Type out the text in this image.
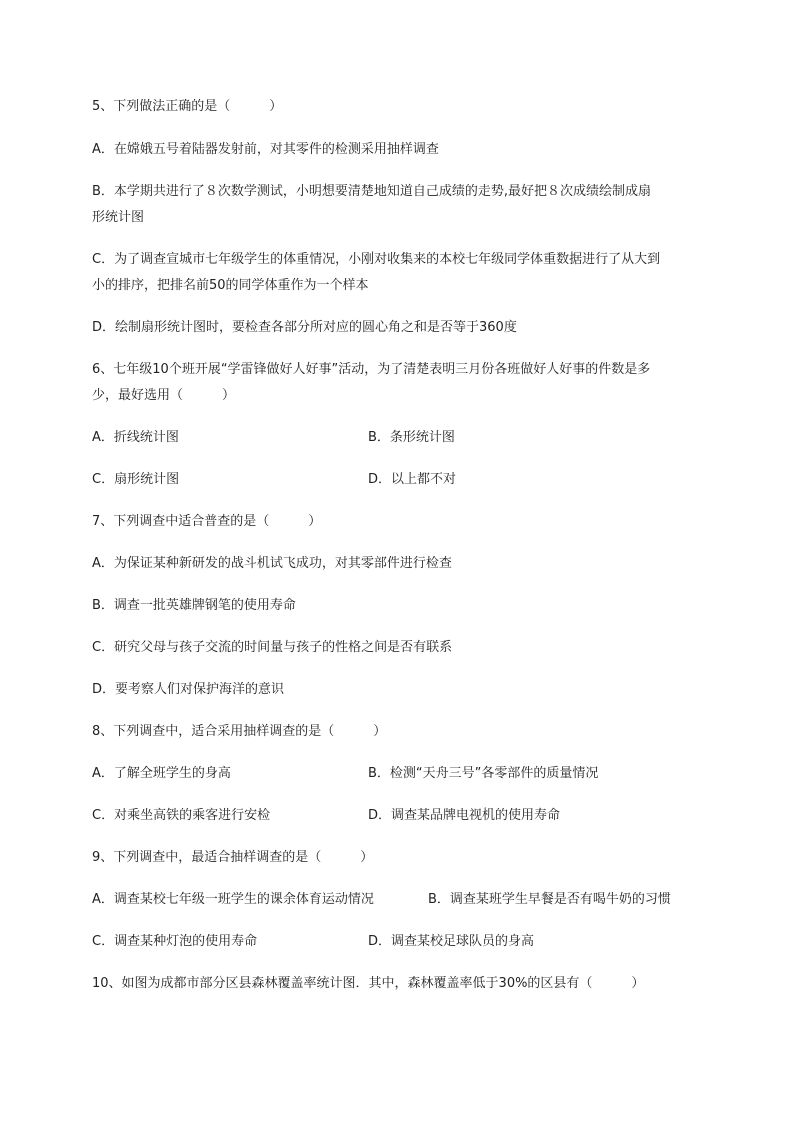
5、下列做法正确的是（　　　）
A．在嫦娥五号着陆器发射前，对其零件的检测采用抽样调查
B．本学期共进行了８次数学测试，小明想要清楚地知道自己成绩的走势,最好把８次成绩绘制成扇
形统计图
C．为了调查宣城市七年级学生的体重情况，小刚对收集来的本校七年级同学体重数据进行了从大到
小的排序，把排名前50的同学体重作为一个样本
D．绘制扇形统计图时，要检查各部分所对应的圆心角之和是否等于360度
6、七年级10个班开展“学雷锋做好人好事”活动，为了清楚表明三月份各班做好人好事的件数是多
少，最好选用（　　　）
A．折线统计图	B．条形统计图
C．扇形统计图	D．以上都不对
7、下列调查中适合普查的是（　　　）
A．为保证某种新研发的战斗机试飞成功，对其零部件进行检查
B．调查一批英雄牌钢笔的使用寿命
C．研究父母与孩子交流的时间量与孩子的性格之间是否有联系
D．要考察人们对保护海洋的意识
8、下列调查中，适合采用抽样调查的是（　　　）
A．了解全班学生的身高	B．检测“天舟三号”各零部件的质量情况
C．对乘坐高铁的乘客进行安检	D．调查某品牌电视机的使用寿命
9、下列调查中，最适合抽样调查的是（　　　）
A．调查某校七年级一班学生的课余体育运动情况	B．调查某班学生早餐是否有喝牛奶的习惯
C．调查某种灯泡的使用寿命	D．调查某校足球队员的身高
10、如图为成都市部分区县森林覆盖率统计图．其中，森林覆盖率低于30%的区县有（　　　）
